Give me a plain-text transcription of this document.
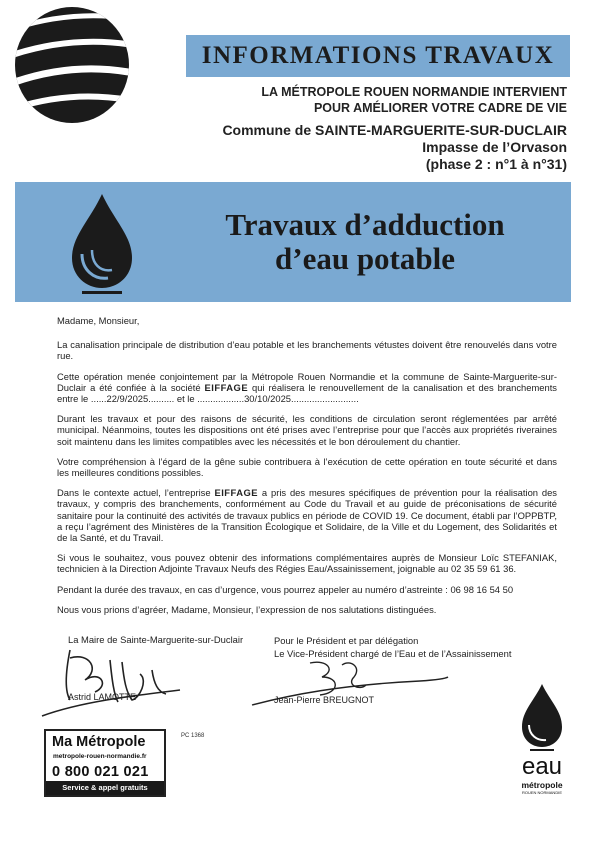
INFORMATIONS TRAVAUX
LA MÉTROPOLE ROUEN NORMANDIE INTERVIENT
POUR AMÉLIORER VOTRE CADRE DE VIE
Commune de SAINTE-MARGUERITE-SUR-DUCLAIR
Impasse de l’Orvason
(phase 2 : n°1 à n°31)
Travaux d’adduction
d’eau potable

Madame, Monsieur,

La canalisation principale de distribution d’eau potable et les branchements vétustes doivent être renouvelés dans votre rue.

Cette opération menée conjointement par la Métropole Rouen Normandie et la commune de Sainte-Marguerite-sur-Duclair a été confiée à la société EIFFAGE qui réalisera le renouvellement de la canalisation et des branchements entre le ......22/9/2025.......... et le ..................30/10/2025..........................

Durant les travaux et pour des raisons de sécurité, les conditions de circulation seront réglementées par arrêté municipal. Néanmoins, toutes les dispositions ont été prises avec l’entreprise pour que l’accès aux propriétés riveraines soit maintenu dans les limites compatibles avec les nécessités et le bon déroulement du chantier.

Votre compréhension à l’égard de la gêne subie contribuera à l’exécution de cette opération en toute sécurité et dans les meilleures conditions possibles.

Dans le contexte actuel, l’entreprise EIFFAGE a pris des mesures spécifiques de prévention pour la réalisation des travaux, y compris des branchements, conformément au Code du Travail et au guide de préconisations de sécurité sanitaire pour la continuité des activités de travaux publics en période de COVID 19. Ce document, établi par l’OPPBTP, a reçu l’agrément des Ministères de la Transition Écologique et Solidaire, de la Ville et du Logement, des Solidarités et de la Santé, et du Travail.

Si vous le souhaitez, vous pouvez obtenir des informations complémentaires auprès de Monsieur Loïc STEFANIAK, technicien à la Direction Adjointe Travaux Neufs des Régies Eau/Assainissement, joignable au 02 35 59 61 36.

Pendant la durée des travaux, en cas d’urgence, vous pourrez appeler au numéro d’astreinte : 06 98 16 54 50

Nous vous prions d’agréer, Madame, Monsieur, l’expression de nos salutations distinguées.

La Maire de Sainte-Marguerite-sur-Duclair	Pour le Président et par délégation
Le Vice-Président chargé de l’Eau et de l’Assainissement
Astrid LAMOTTE	Jean-Pierre BREUGNOT
Ma Métropole
metropole-rouen-normandie.fr
0 800 021 021
Service & appel gratuits
PC 1368
eau
métropole
ROUEN NORMANDIE
